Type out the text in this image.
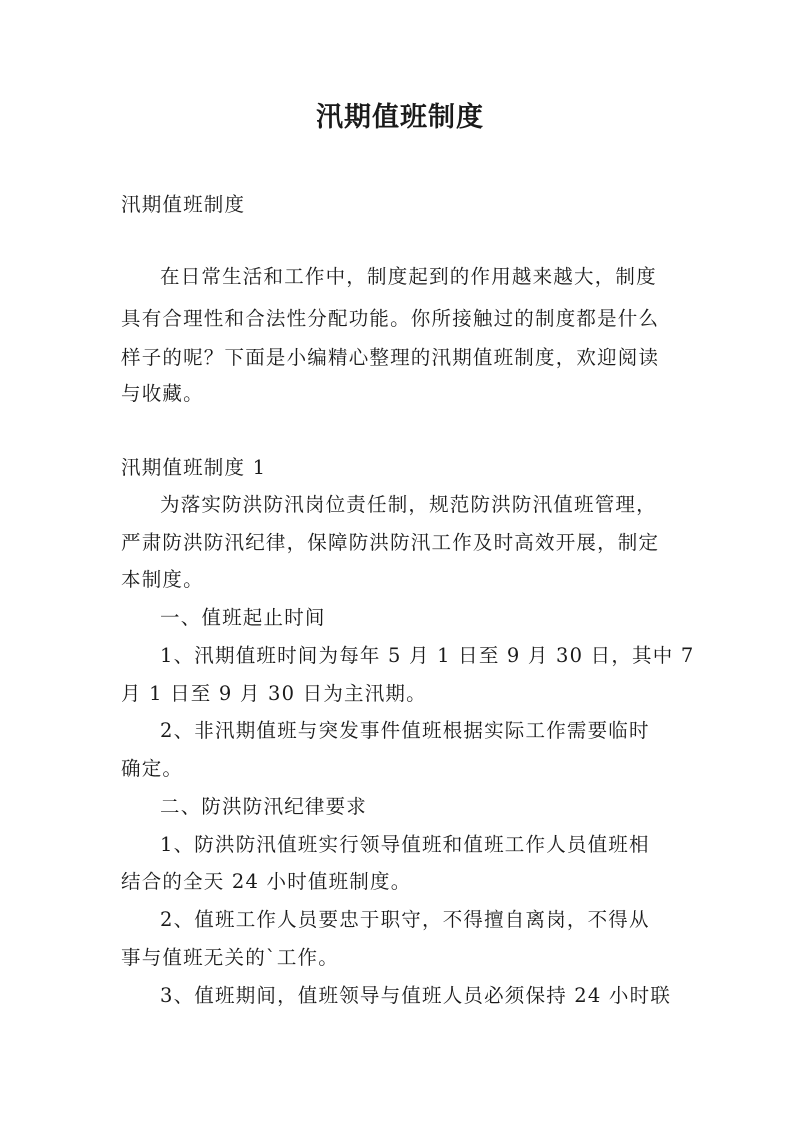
汛期值班制度

汛期值班制度

在日常生活和工作中，制度起到的作用越来越大，制度

具有合理性和合法性分配功能。你所接触过的制度都是什么

样子的呢？下面是小编精心整理的汛期值班制度，欢迎阅读

与收藏。

汛期值班制度 1

为落实防洪防汛岗位责任制，规范防洪防汛值班管理，

严肃防洪防汛纪律，保障防洪防汛工作及时高效开展，制定

本制度。

一、值班起止时间

1、汛期值班时间为每年 5 月 1 日至 9 月 30 日，其中 7

月 1 日至 9 月 30 日为主汛期。

2、非汛期值班与突发事件值班根据实际工作需要临时

确定。

二、防洪防汛纪律要求

1、防洪防汛值班实行领导值班和值班工作人员值班相

结合的全天 24 小时值班制度。

2、值班工作人员要忠于职守，不得擅自离岗，不得从

事与值班无关的`工作。

3、值班期间，值班领导与值班人员必须保持 24 小时联
